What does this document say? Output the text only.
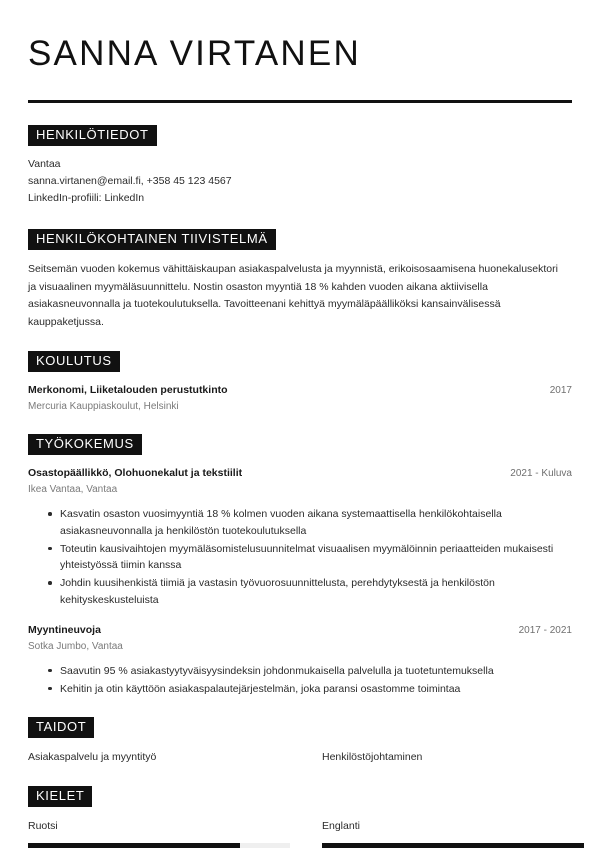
SANNA VIRTANEN
HENKILÖTIEDOT
Vantaa
sanna.virtanen@email.fi, +358 45 123 4567
LinkedIn-profiili: LinkedIn
HENKILÖKOHTAINEN TIIVISTELMÄ

Seitsemän vuoden kokemus vähittäiskaupan asiakaspalvelusta ja myynnistä, erikoisosaamisena huonekalusektori ja visuaalinen myymäläsuunnittelu. Nostin osaston myyntiä 18 % kahden vuoden aikana aktiivisella asiakasneuvonnalla ja tuotekoulutuksella. Tavoitteenani kehittyä myymäläpäälliköksi kansainvälisessä kauppaketjussa.

KOULUTUS
Merkonomi, Liiketalouden perustutkinto	2017
Mercuria Kauppiaskoulut, Helsinki
TYÖKOKEMUS
Osastopäällikkö, Olohuonekalut ja tekstiilit	2021 - Kuluva
Ikea Vantaa, Vantaa
Kasvatin osaston vuosimyyntiä 18 % kolmen vuoden aikana systemaattisella henkilökohtaisella asiakasneuvonnalla ja henkilöstön tuotekoulutuksella
Toteutin kausivaihtojen myymäläsomistelusuunnitelmat visuaalisen myymälöinnin periaatteiden mukaisesti yhteistyössä tiimin kanssa
Johdin kuusihenkistä tiimiä ja vastasin työvuorosuunnittelusta, perehdytyksestä ja henkilöstön kehityskeskusteluista
Myyntineuvoja	2017 - 2021
Sotka Jumbo, Vantaa
Saavutin 95 % asiakastyytyväisyysindeksin johdonmukaisella palvelulla ja tuotetuntemuksella
Kehitin ja otin käyttöön asiakaspalautejärjestelmän, joka paransi osastomme toimintaa
TAIDOT
Asiakaspalvelu ja myyntityö	Henkilöstöjohtaminen
KIELET
Ruotsi	Englanti
